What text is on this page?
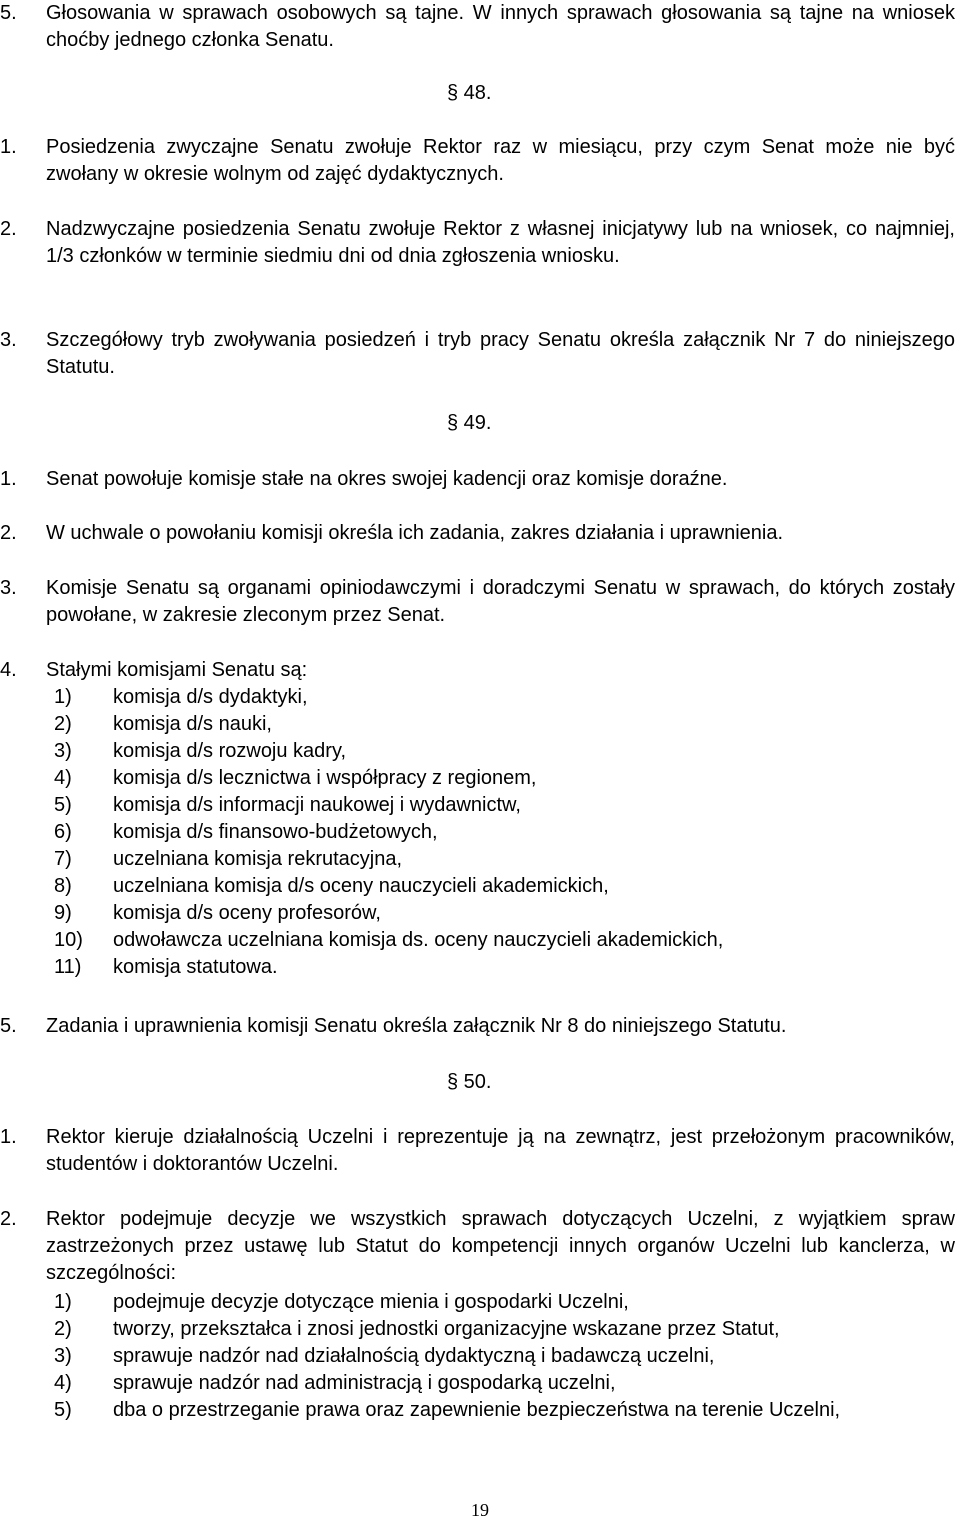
5. Głosowania w sprawach osobowych są tajne. W innych sprawach głosowania są tajne na wniosek choćby jednego członka Senatu.
§ 48.
1. Posiedzenia zwyczajne Senatu zwołuje Rektor raz w miesiącu, przy czym Senat może nie być zwołany w okresie wolnym od zajęć dydaktycznych.
2. Nadzwyczajne posiedzenia Senatu zwołuje Rektor z własnej inicjatywy lub na wniosek, co najmniej, 1/3 członków w terminie siedmiu dni od dnia zgłoszenia wniosku.
3. Szczegółowy tryb zwoływania posiedzeń i tryb pracy Senatu określa załącznik Nr 7 do niniejszego Statutu.
§ 49.
1. Senat powołuje komisje stałe na okres swojej kadencji oraz komisje doraźne.
2. W uchwale o powołaniu komisji określa ich zadania, zakres działania i uprawnienia.
3. Komisje Senatu są organami opiniodawczymi i doradczymi Senatu w sprawach, do których zostały powołane, w zakresie zleconym przez Senat.
4. Stałymi komisjami Senatu są:
1) komisja d/s dydaktyki,
2) komisja d/s nauki,
3) komisja d/s rozwoju kadry,
4) komisja d/s lecznictwa i współpracy z regionem,
5) komisja d/s informacji naukowej i wydawnictw,
6) komisja d/s finansowo-budżetowych,
7) uczelniana komisja rekrutacyjna,
8) uczelniana komisja d/s oceny nauczycieli akademickich,
9) komisja d/s oceny profesorów,
10) odwoławcza uczelniana komisja ds. oceny nauczycieli akademickich,
11) komisja statutowa.
5. Zadania i uprawnienia komisji Senatu określa załącznik Nr 8 do niniejszego Statutu.
§ 50.
1. Rektor kieruje działalnością Uczelni i reprezentuje ją na zewnątrz, jest przełożonym pracowników, studentów i doktorantów Uczelni.
2. Rektor podejmuje decyzje we wszystkich sprawach dotyczących Uczelni, z wyjątkiem spraw zastrzeżonych przez ustawę lub Statut do kompetencji innych organów Uczelni lub kanclerza, w szczególności:
1) podejmuje decyzje dotyczące mienia i gospodarki Uczelni,
2) tworzy, przekształca i znosi jednostki organizacyjne wskazane przez Statut,
3) sprawuje nadzór nad działalnością dydaktyczną i badawczą uczelni,
4) sprawuje nadzór nad administracją i gospodarką uczelni,
5) dba o przestrzeganie prawa oraz zapewnienie bezpieczeństwa na terenie Uczelni,
19
